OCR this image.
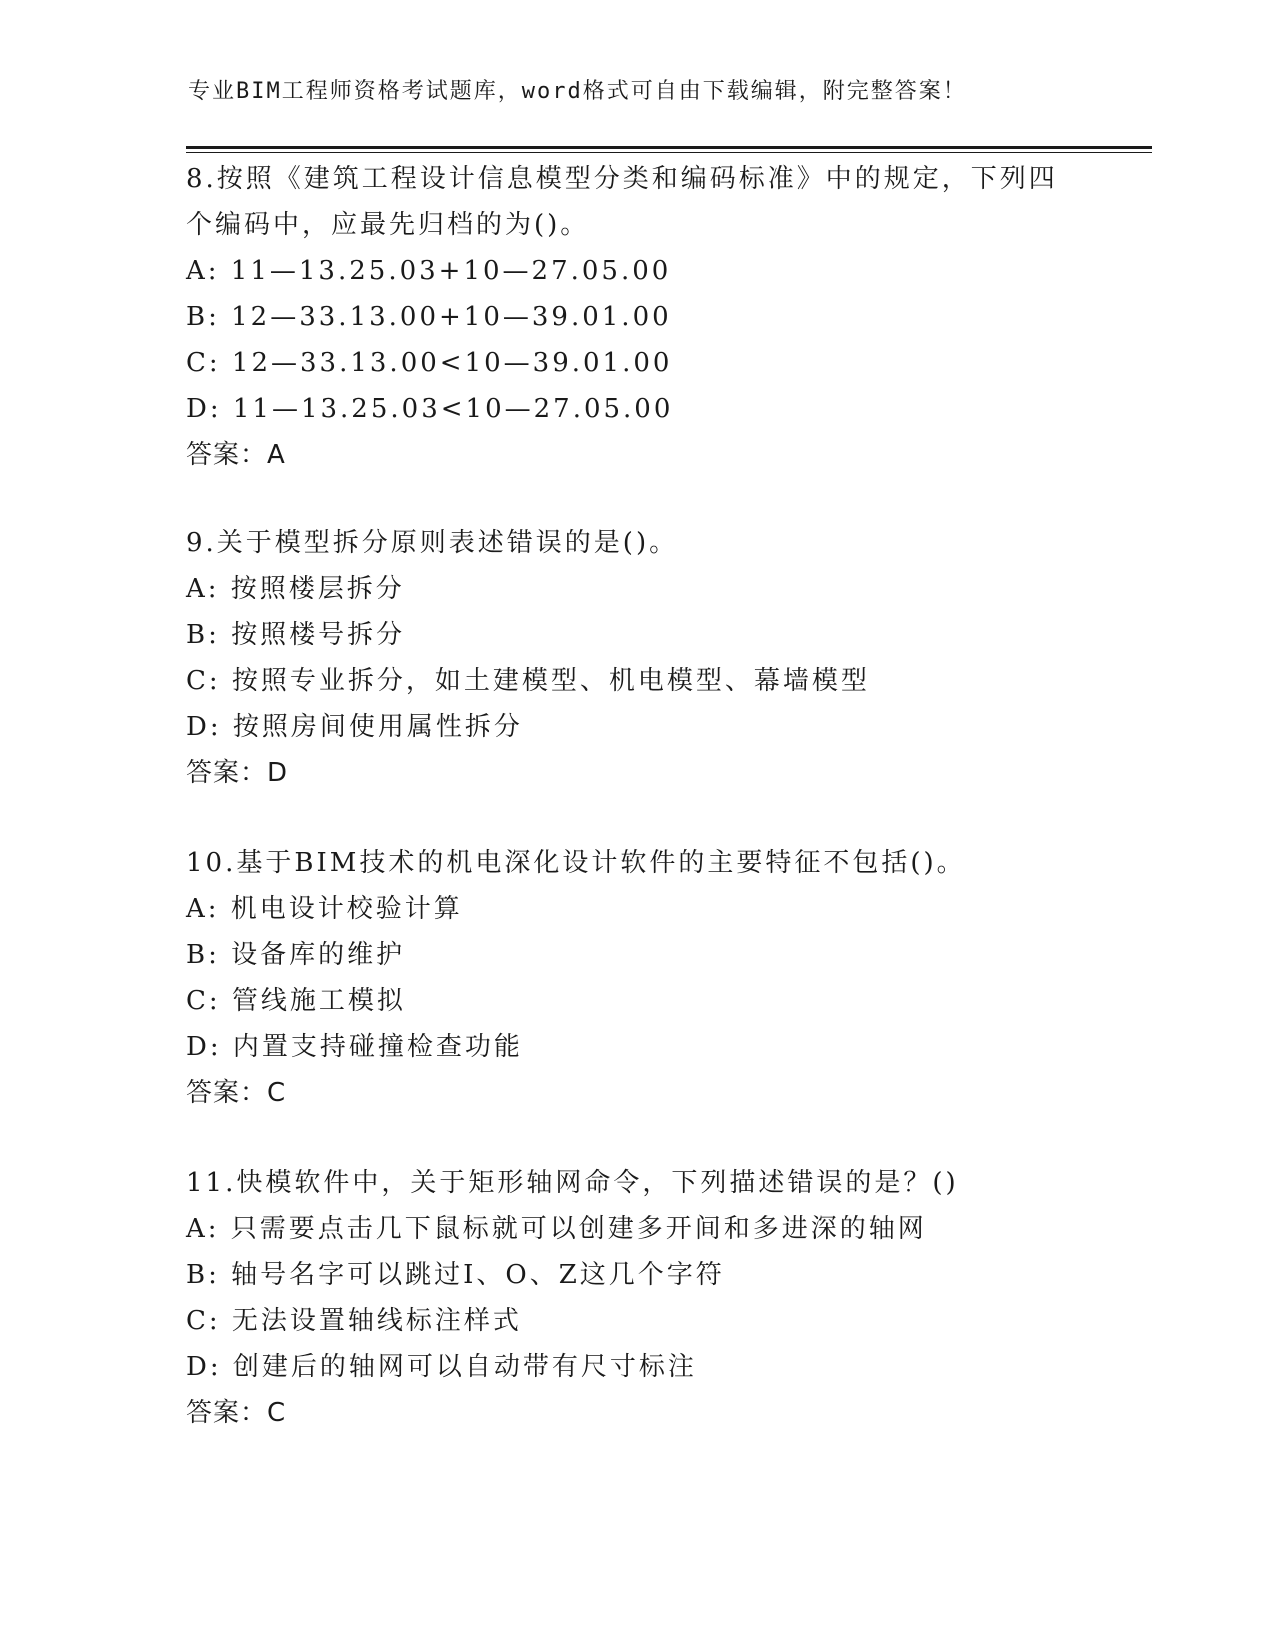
专业BIM工程师资格考试题库，word格式可自由下载编辑，附完整答案！
8.按照《建筑工程设计信息模型分类和编码标准》中的规定，下列四
个编码中，应最先归档的为()。
A: 11—13.25.03+10—27.05.00
B: 12—33.13.00+10—39.01.00
C: 12—33.13.00<10—39.01.00
D: 11—13.25.03<10—27.05.00
答案：A
9.关于模型拆分原则表述错误的是()。
A: 按照楼层拆分
B: 按照楼号拆分
C: 按照专业拆分，如土建模型、机电模型、幕墙模型
D: 按照房间使用属性拆分
答案：D
10.基于BIM技术的机电深化设计软件的主要特征不包括()。
A: 机电设计校验计算
B: 设备库的维护
C: 管线施工模拟
D: 内置支持碰撞检查功能
答案：C
11.快模软件中，关于矩形轴网命令，下列描述错误的是？()
A: 只需要点击几下鼠标就可以创建多开间和多进深的轴网
B: 轴号名字可以跳过I、O、Z这几个字符
C: 无法设置轴线标注样式
D: 创建后的轴网可以自动带有尺寸标注
答案：C
